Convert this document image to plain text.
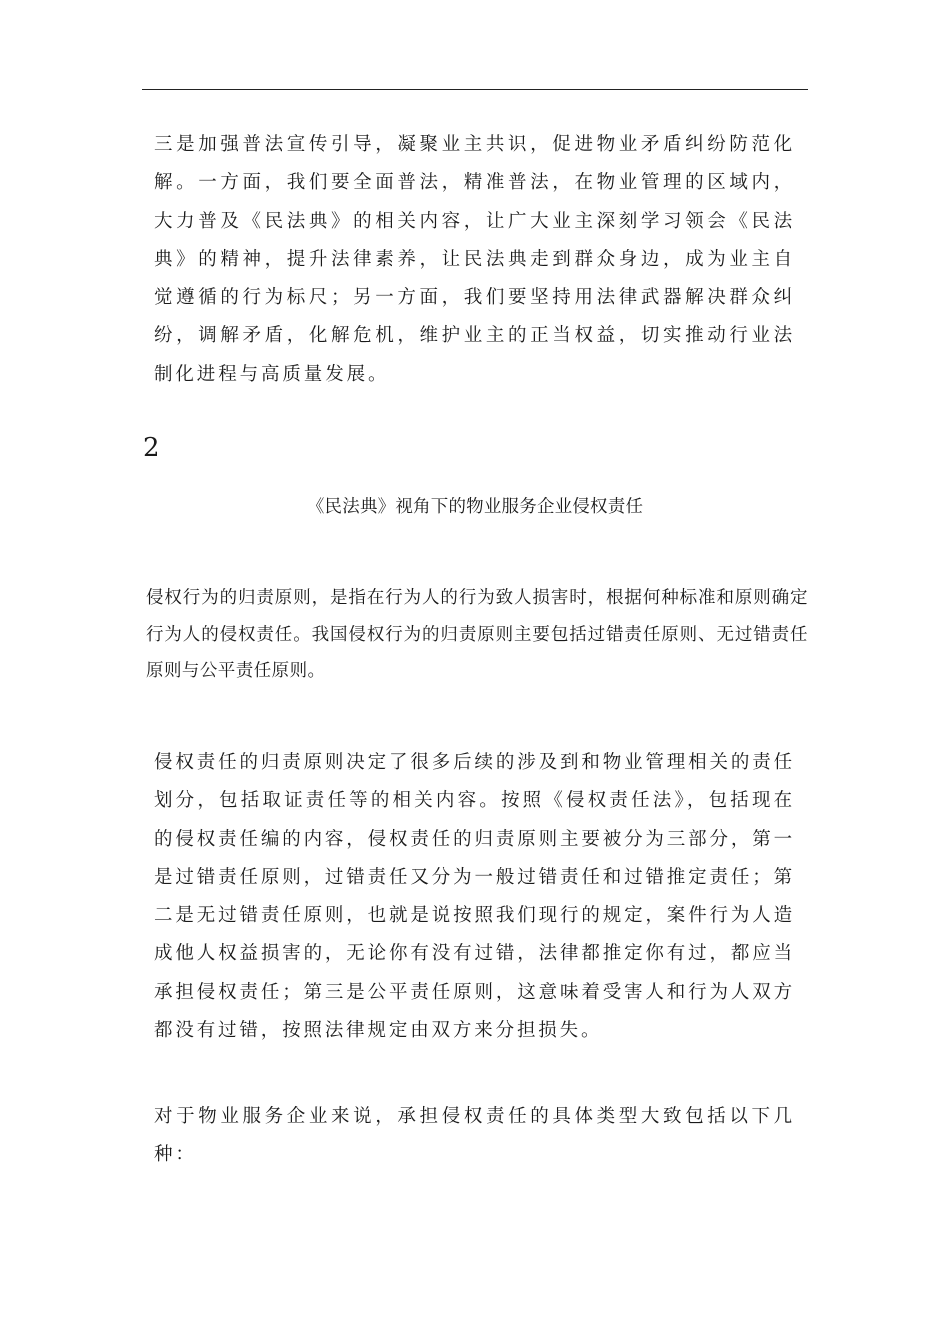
三是加强普法宣传引导，凝聚业主共识，促进物业矛盾纠纷防范化解。一方面，我们要全面普法，精准普法，在物业管理的区域内，大力普及《民法典》的相关内容，让广大业主深刻学习领会《民法典》的精神，提升法律素养，让民法典走到群众身边，成为业主自觉遵循的行为标尺；另一方面，我们要坚持用法律武器解决群众纠纷，调解矛盾，化解危机，维护业主的正当权益，切实推动行业法制化进程与高质量发展。

2
《民法典》视角下的物业服务企业侵权责任

侵权行为的归责原则，是指在行为人的行为致人损害时，根据何种标准和原则确定行为人的侵权责任。我国侵权行为的归责原则主要包括过错责任原则、无过错责任原则与公平责任原则。

侵权责任的归责原则决定了很多后续的涉及到和物业管理相关的责任划分，包括取证责任等的相关内容。按照《侵权责任法》，包括现在的侵权责任编的内容，侵权责任的归责原则主要被分为三部分，第一是过错责任原则，过错责任又分为一般过错责任和过错推定责任；第二是无过错责任原则，也就是说按照我们现行的规定，案件行为人造成他人权益损害的，无论你有没有过错，法律都推定你有过，都应当承担侵权责任；第三是公平责任原则，这意味着受害人和行为人双方都没有过错，按照法律规定由双方来分担损失。

对于物业服务企业来说，承担侵权责任的具体类型大致包括以下几种：
